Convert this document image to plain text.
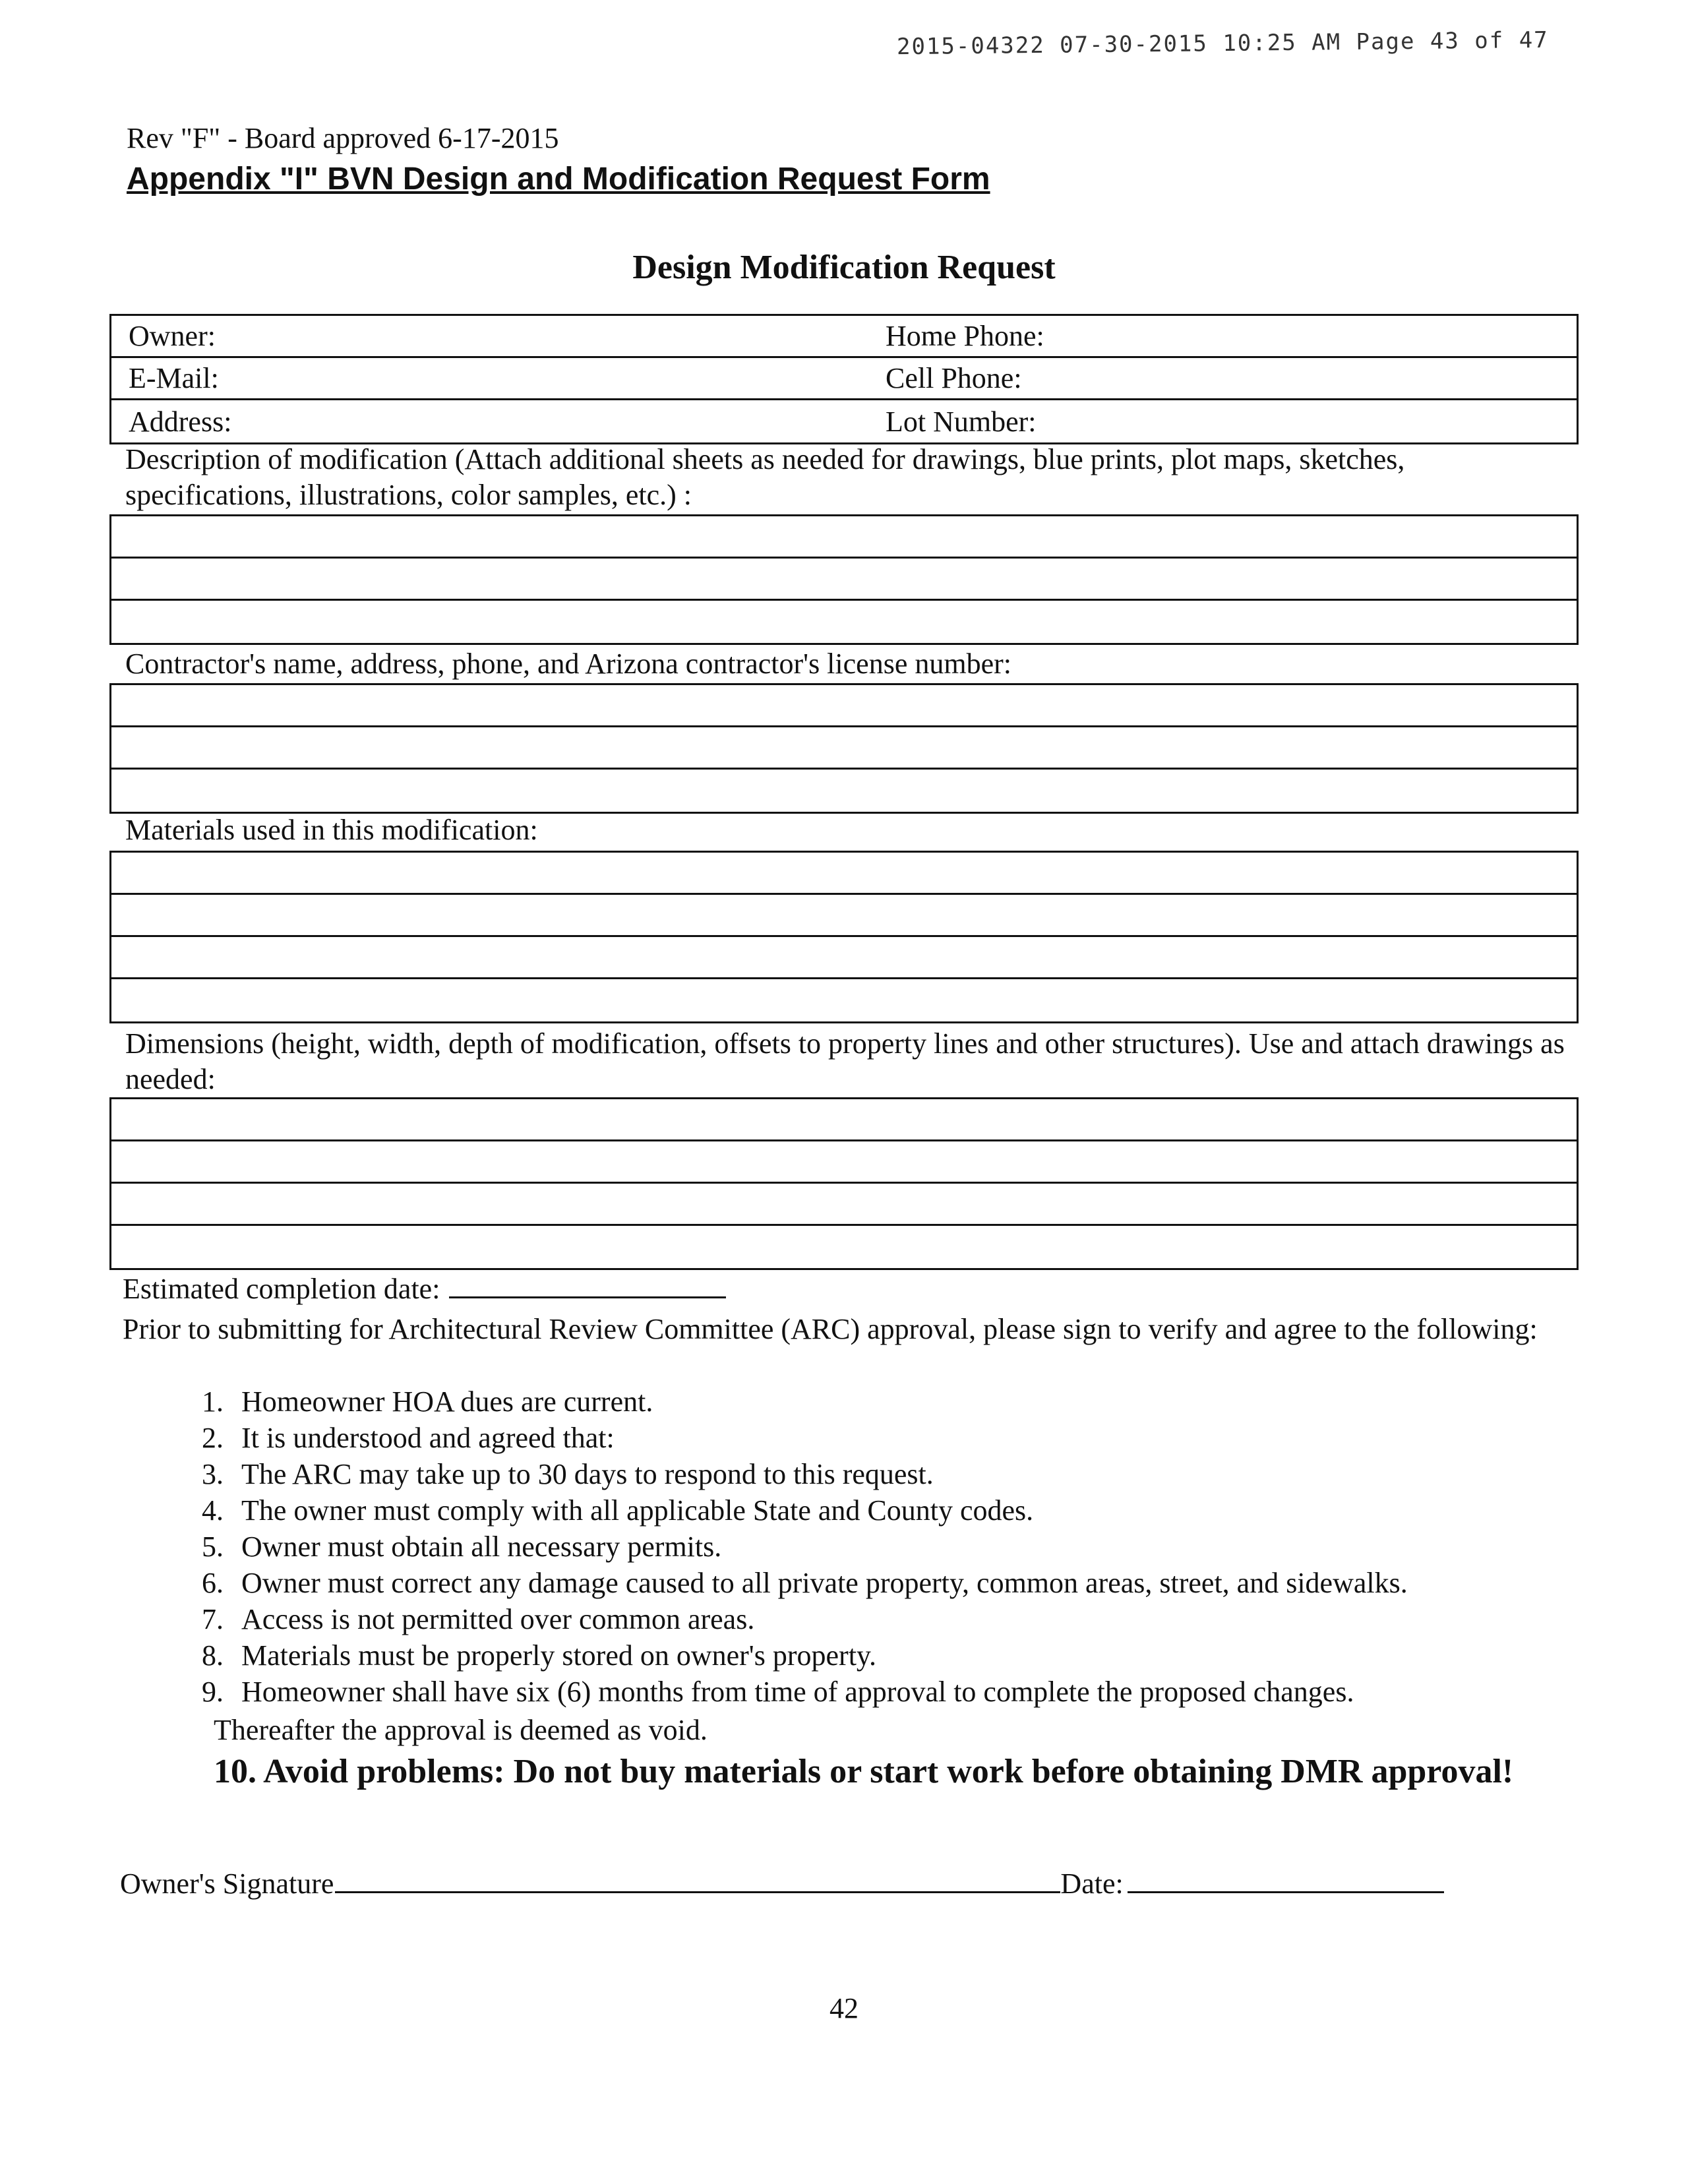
2015-04322 07-30-2015 10:25 AM Page 43 of 47
Rev "F" - Board approved 6-17-2015
Appendix "I" BVN Design and Modification Request Form
Design Modification Request
Owner:	Home Phone:
E-Mail:	Cell Phone:
Address:	Lot Number:
Description of modification (Attach additional sheets as needed for drawings, blue prints, plot maps, sketches, specifications, illustrations, color samples, etc.) :
Contractor's name, address, phone, and Arizona contractor's license number:
Materials used in this modification:
Dimensions (height, width, depth of modification, offsets to property lines and other structures). Use and attach drawings as needed:
Estimated completion date:
Prior to submitting for Architectural Review Committee (ARC) approval, please sign to verify and agree to the following:
1. Homeowner HOA dues are current.
2. It is understood and agreed that:
3. The ARC may take up to 30 days to respond to this request.
4. The owner must comply with all applicable State and County codes.
5. Owner must obtain all necessary permits.
6. Owner must correct any damage caused to all private property, common areas, street, and sidewalks.
7. Access is not permitted over common areas.
8. Materials must be properly stored on owner's property.
9. Homeowner shall have six (6) months from time of approval to complete the proposed changes.
Thereafter the approval is deemed as void.
10. Avoid problems: Do not buy materials or start work before obtaining DMR approval!
Owner's Signature	Date:
42
